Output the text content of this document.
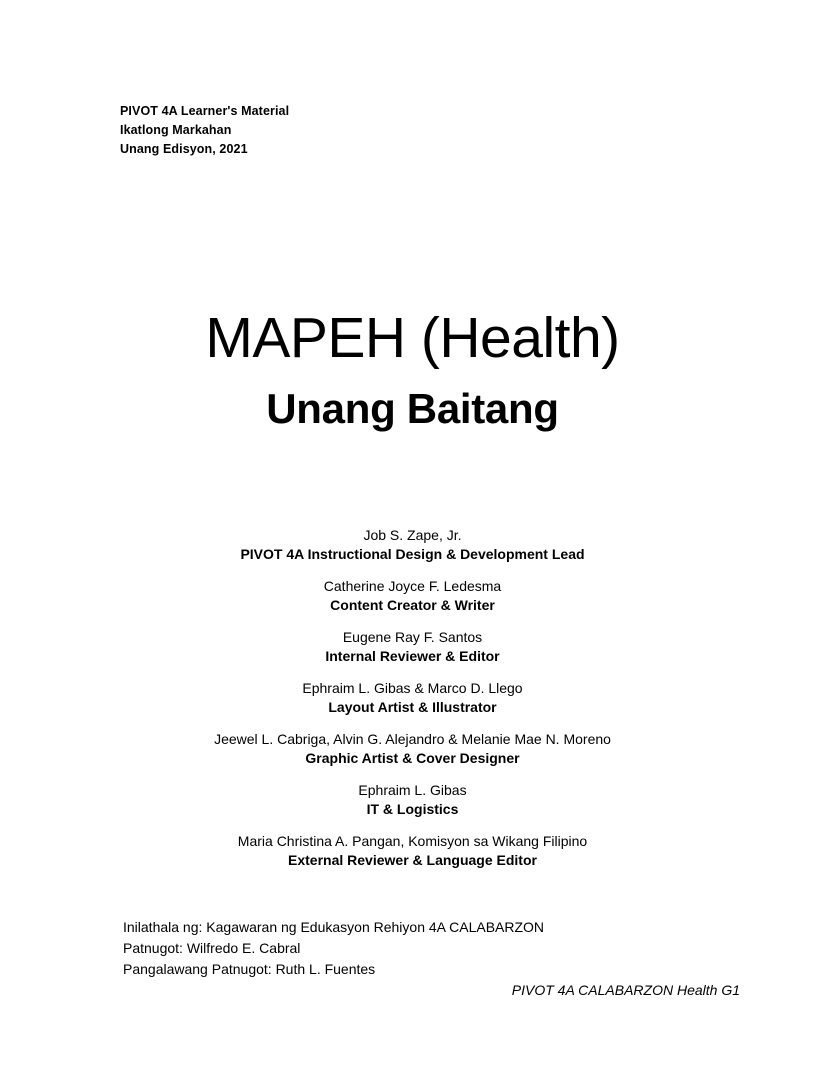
PIVOT 4A Learner's Material
Ikatlong Markahan
Unang Edisyon, 2021
MAPEH (Health)
Unang Baitang
Job S. Zape, Jr.
PIVOT 4A Instructional Design & Development Lead
Catherine Joyce F. Ledesma
Content Creator & Writer
Eugene Ray F. Santos
Internal Reviewer & Editor
Ephraim L. Gibas & Marco D. Llego
Layout Artist & Illustrator
Jeewel L. Cabriga, Alvin G. Alejandro & Melanie Mae N. Moreno
Graphic Artist & Cover Designer
Ephraim L. Gibas
IT & Logistics
Maria Christina A. Pangan, Komisyon sa Wikang Filipino
External Reviewer & Language Editor
Inilathala ng: Kagawaran ng Edukasyon Rehiyon 4A CALABARZON
Patnugot: Wilfredo E. Cabral
Pangalawang Patnugot: Ruth L. Fuentes
PIVOT 4A CALABARZON Health G1
